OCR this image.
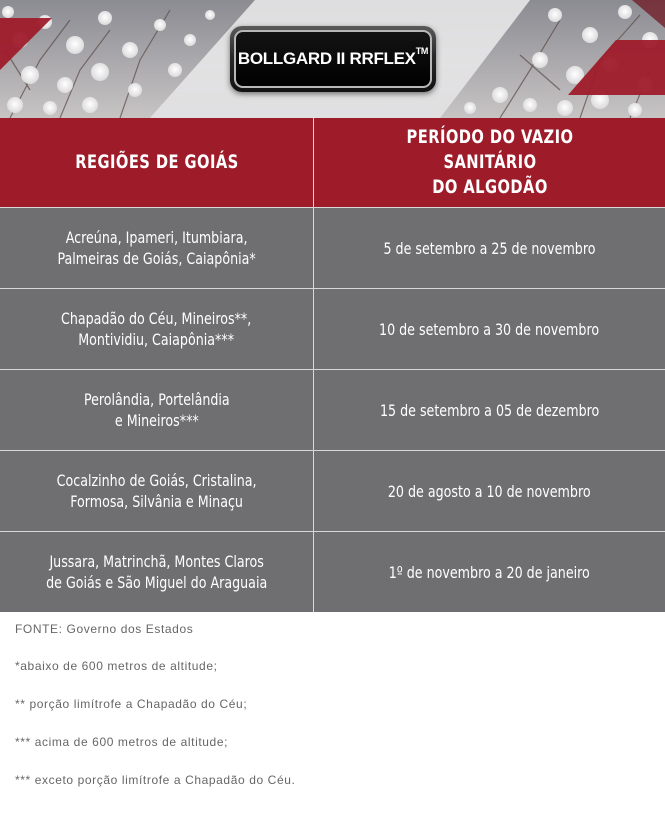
BOLLGARD II RRFLEX™
REGIÕES DE GOIÁS
PERÍODO DO VAZIO SANITÁRIO
DO ALGODÃO
Acreúna, Ipameri, Itumbiara,
Palmeiras de Goiás, Caiapônia*
5 de setembro a 25 de novembro
Chapadão do Céu, Mineiros**,
Montividiu, Caiapônia***
10 de setembro a 30 de novembro
Perolândia, Portelândia
e Mineiros***
15 de setembro a 05 de dezembro
Cocalzinho de Goiás, Cristalina,
Formosa, Silvânia e Minaçu
20 de agosto a 10 de novembro
Jussara, Matrinchã, Montes Claros
de Goiás e São Miguel do Araguaia
1º de novembro a 20 de janeiro
FONTE: Governo dos Estados
*abaixo de 600 metros de altitude;
** porção limítrofe a Chapadão do Céu;
*** acima de 600 metros de altitude;
*** exceto porção limítrofe a Chapadão do Céu.
